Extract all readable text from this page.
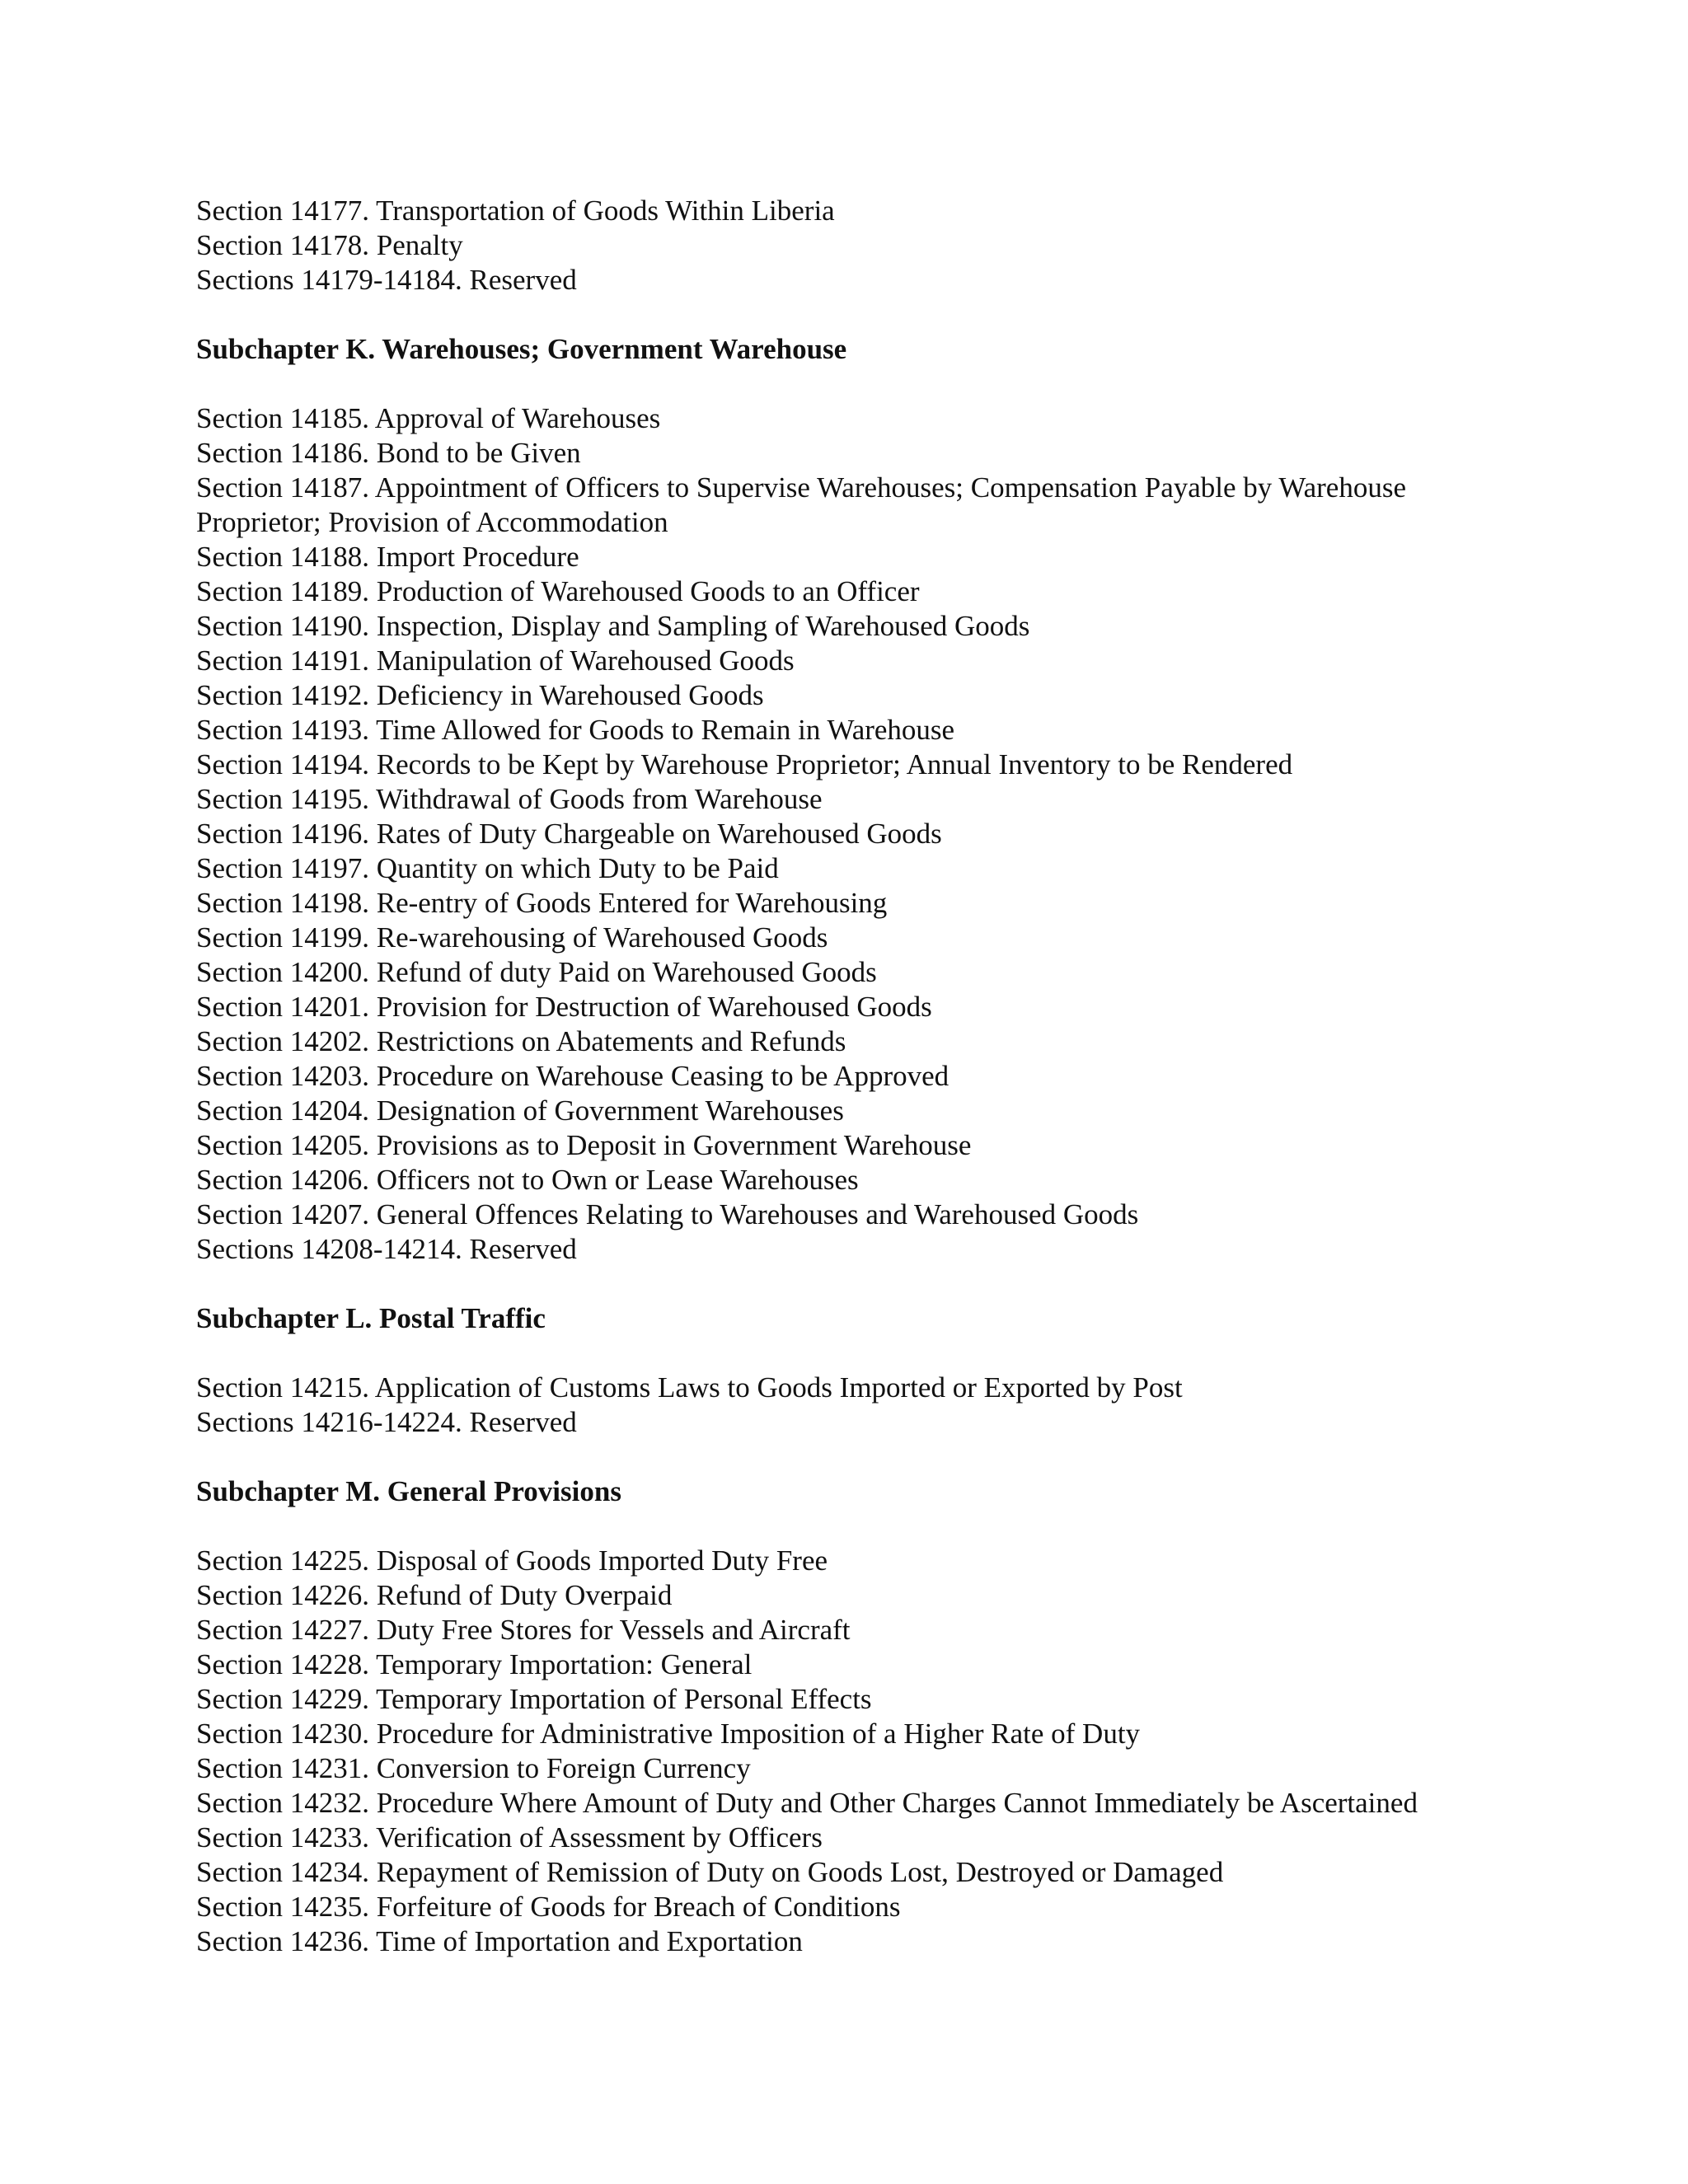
Section 14177. Transportation of Goods Within Liberia
Section 14178. Penalty
Sections 14179-14184. Reserved
Subchapter K. Warehouses; Government Warehouse
Section 14185. Approval of Warehouses
Section 14186. Bond to be Given
Section 14187. Appointment of Officers to Supervise Warehouses; Compensation Payable by Warehouse Proprietor; Provision of Accommodation
Section 14188. Import Procedure
Section 14189. Production of Warehoused Goods to an Officer
Section 14190. Inspection, Display and Sampling of Warehoused Goods
Section 14191. Manipulation of Warehoused Goods
Section 14192. Deficiency in Warehoused Goods
Section 14193. Time Allowed for Goods to Remain in Warehouse
Section 14194. Records to be Kept by Warehouse Proprietor; Annual Inventory to be Rendered
Section 14195. Withdrawal of Goods from Warehouse
Section 14196. Rates of Duty Chargeable on Warehoused Goods
Section 14197. Quantity on which Duty to be Paid
Section 14198. Re-entry of Goods Entered for Warehousing
Section 14199. Re-warehousing of Warehoused Goods
Section 14200. Refund of duty Paid on Warehoused Goods
Section 14201. Provision for Destruction of Warehoused Goods
Section 14202. Restrictions on Abatements and Refunds
Section 14203. Procedure on Warehouse Ceasing to be Approved
Section 14204. Designation of Government Warehouses
Section 14205. Provisions as to Deposit in Government Warehouse
Section 14206. Officers not to Own or Lease Warehouses
Section 14207. General Offences Relating to Warehouses and Warehoused Goods
Sections 14208-14214. Reserved
Subchapter L. Postal Traffic
Section 14215. Application of Customs Laws to Goods Imported or Exported by Post
Sections 14216-14224. Reserved
Subchapter M. General Provisions
Section 14225. Disposal of Goods Imported Duty Free
Section 14226. Refund of Duty Overpaid
Section 14227. Duty Free Stores for Vessels and Aircraft
Section 14228. Temporary Importation: General
Section 14229. Temporary Importation of Personal Effects
Section 14230. Procedure for Administrative Imposition of a Higher Rate of Duty
Section 14231. Conversion to Foreign Currency
Section 14232. Procedure Where Amount of Duty and Other Charges Cannot Immediately be Ascertained
Section 14233. Verification of Assessment by Officers
Section 14234. Repayment of Remission of Duty on Goods Lost, Destroyed or Damaged
Section 14235. Forfeiture of Goods for Breach of Conditions
Section 14236. Time of Importation and Exportation
